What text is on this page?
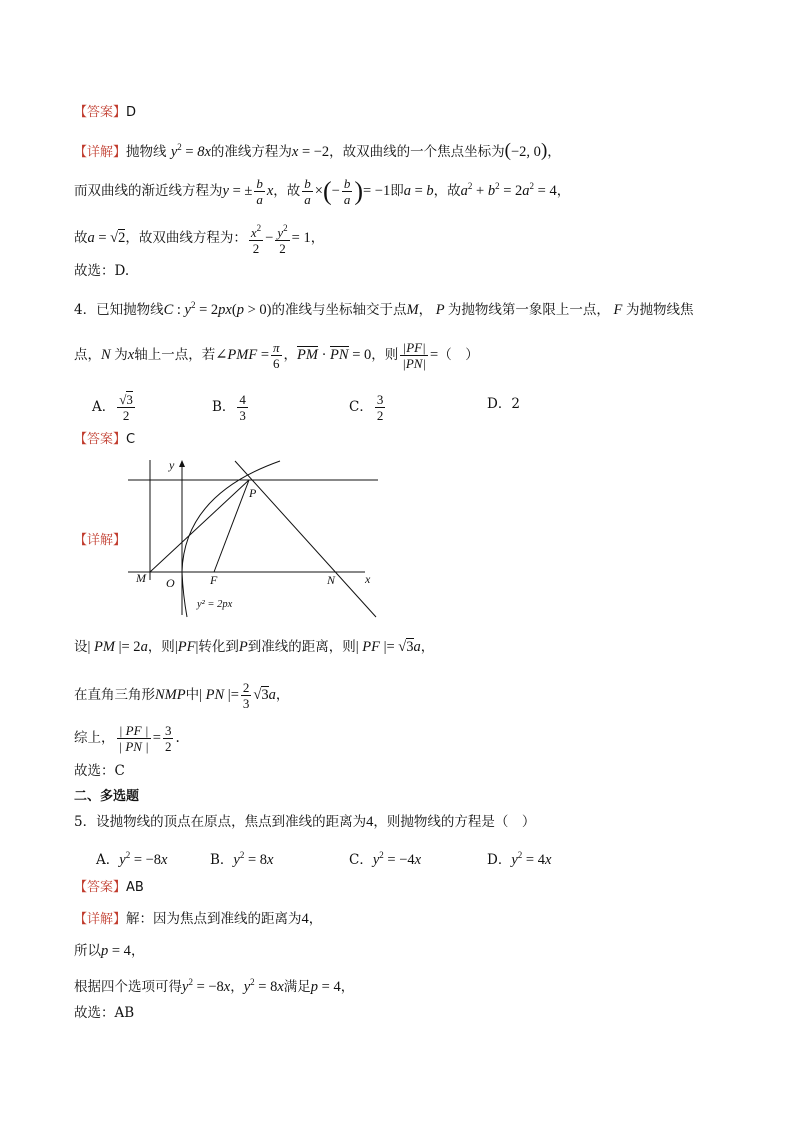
【答案】D
【详解】抛物线 $y^2 = 8x$的准线方程为x = −2，故双曲线的一个焦点坐标为(−2, 0)，
而双曲线的渐近线方程为y = ± $\frac{b}{a}$ x，故 $\frac{b}{a}$ ×(− $\frac{b}{a}$ )= −1即a = b，故$a^2 + b^2 = 2a^2 = 4$，
故a = √2，故双曲线方程为： $\frac{x^2}{2} - \frac{y^2}{2} = 1$，
故选：D.
4．已知抛物线C : $y^2 = 2px(p > 0)$的准线与坐标轴交于点M， P 为抛物线第一象限上一点， F 为抛物线焦
点，N 为x轴上一点，若∠PMF = $\frac{\pi}{6}$ ，PM · PN = 0，则 $\frac{|PF|}{|PN|}$ =（　）
A． $\frac{√3}{2}$	B． $\frac{4}{3}$	C． $\frac{3}{2}$	D．2
【答案】C
【详解】
y
x
P
M O	F	N
y² = 2px
设| PM |= 2a，则|PF|转化到P到准线的距离，则| PF |= √3a，
在直角三角形NMP中| PN |= $\frac{2}{3} √3a$，
综上， $\frac{| PF |}{| PN |} = \frac{3}{2}$ .
故选：C
二、多选题
5．设抛物线的顶点在原点，焦点到准线的距离为4，则抛物线的方程是（　）
A．$y^2 = -8x$	B．$y^2 = 8x$	C．$y^2 = -4x$	D．$y^2 = 4x$
【答案】AB
【详解】解：因为焦点到准线的距离为4，
所以p = 4，
根据四个选项可得$y^2 = -8x$，$y^2 = 8x$满足p = 4，
故选：AB
